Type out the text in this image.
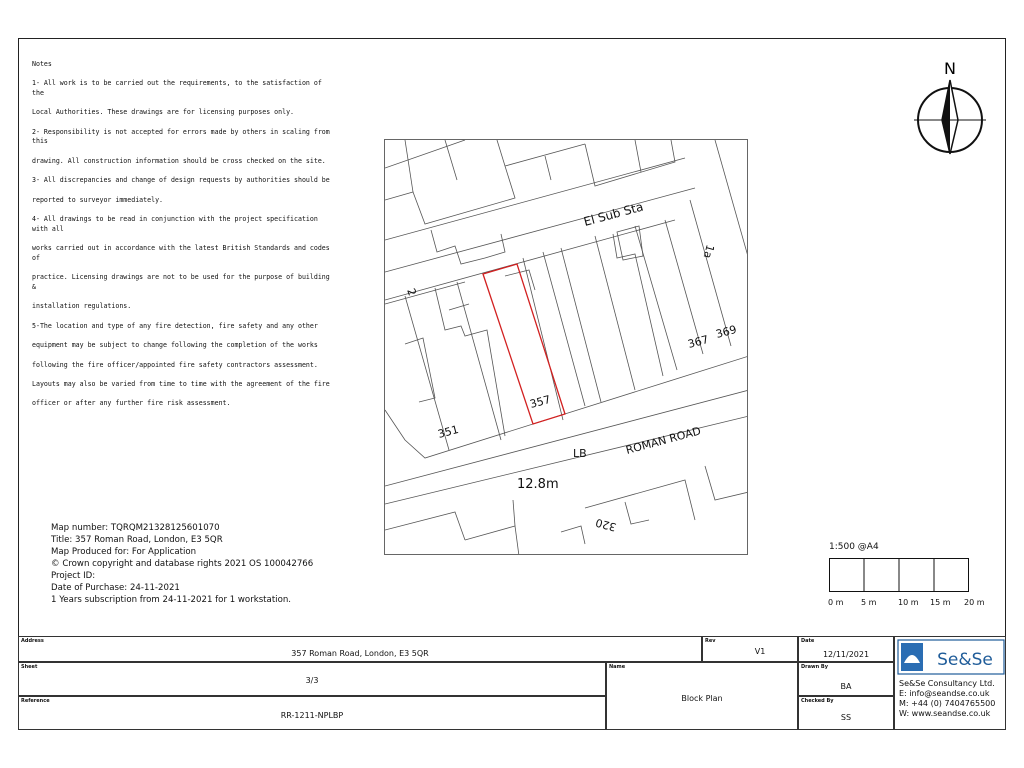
Notes

1- All work is to be carried out the requirements, to the satisfaction of the

Local Authorities. These drawings are for licensing purposes only.

2- Responsibility is not accepted for errors made by others in scaling from this

drawing. All construction information should be cross checked on the site.

3- All discrepancies and change of design requests by authorities should be

reported to surveyor immediately.

4- All drawings to be read in conjunction with the project specification with all

works carried out in accordance with the latest British Standards and codes of

practice. Licensing drawings are not to be used for the purpose of building &

installation regulations.

5-The location and type of any fire detection, fire safety and any other

equipment may be subject to change following the completion of the works

following the fire officer/appointed fire safety contractors assessment.

Layouts may also be varied from time to time with the agreement of the fire

officer or after any further fire risk assessment.

El Sub Sta
2
1a
367
369
357
351
LB	ROMAN ROAD
12.8m
320
N
Map number: TQRQM21328125601070
Title: 357 Roman Road, London, E3 5QR
Map Produced for: For Application
© Crown copyright and database rights 2021 OS 100042766
Project ID:
Date of Purchase: 24-11-2021
1 Years subscription from 24-11-2021 for 1 workstation.
1:500 @A4
0 m 5 m	10 m 15 m 20 m
Address
357 Roman Road, London, E3 5QR
Rev
V1
Date
12/11/2021
Sheet
3/3
Name
Block Plan
Drawn By
BA
Reference
RR-1211-NPLBP
Checked By
SS
Se&Se
Se&Se Consultancy Ltd.
E: info@seandse.co.uk
M: +44 (0) 7404765500
W: www.seandse.co.uk
